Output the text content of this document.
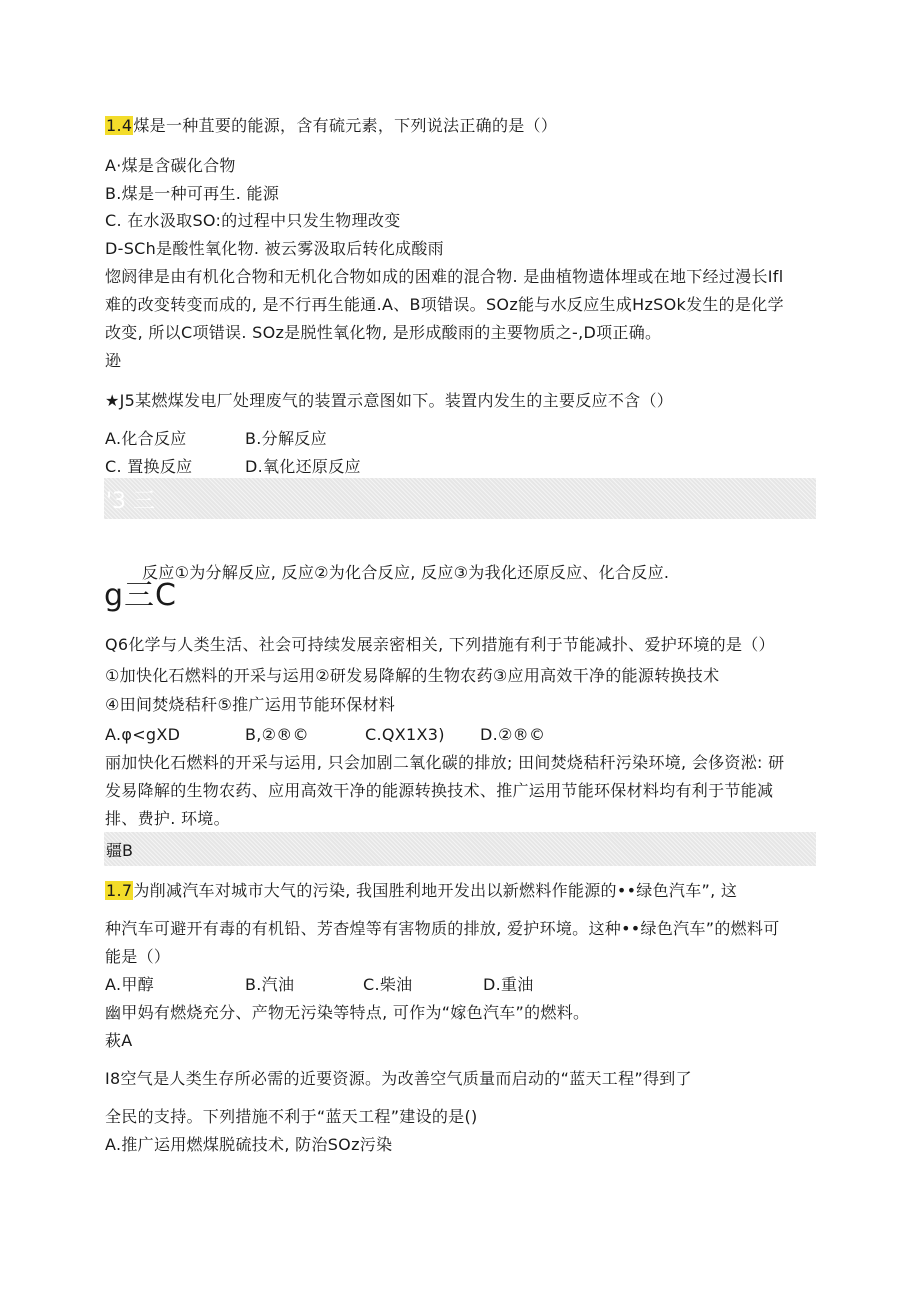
1.4煤是一种苴要的能源，含有硫元素，下列说法正确的是（）
A·煤是含碳化合物
B.煤是一种可再生. 能源
C. 在水汲取SO:的过程中只发生物理改变
D-SCh是酸性氧化物. 被云雾汲取后转化成酸雨
惚阏律是由有机化合物和无机化合物如成的困难的混合物. 是曲植物遗体埋或在地下经过漫长Ifl
难的改变转变而成的, 是不行再生能通.A、B项错误。SOz能与水反应生成HzSOk发生的是化学
改变, 所以C项错误. SOz是脱性氧化物, 是形成酸雨的主要物质之-,D项正确。
逊
★J5某燃煤发电厂处理废气的装置示意图如下。装置内发生的主要反应不含（）
A.化合反应	B.分解反应
C. 置换反应	D.氧化还原反应
'3 三
反应①为分解反应, 反应②为化合反应, 反应③为我化还原反应、化合反应.
g三C
Q6化学与人类生活、社会可持续发展亲密相关, 下列措施有利于节能减扑、爱护环境的是（）
①加快化石燃料的开采与运用②研发易降解的生物农药③应用高效干净的能源转换技术
④田间焚烧秸秆⑤推广运用节能环保材料
A.φ<gXD	B,②®©	C.QX1X3) D.②®©
丽加快化石燃料的开采与运用, 只会加剧二氧化碳的排放; 田间焚烧秸秆污染环境, 会侈资淞: 研
发易降解的生物农药、应用高效干净的能源转换技术、推广运用节能环保材料均有利于节能减
排、费护. 环境。
疆B
1.7为削减汽车对城市大气的污染, 我国胜利地开发出以新燃料作能源的••绿色汽车”, 这
种汽车可避开有毒的有机铅、芳杳煌等有害物质的排放, 爱护环境。这种••绿色汽车”的燃料可
能是（）
A.甲醇	B.汽油	C.柴油	D.重油
幽甲妈有燃烧充分、产物无污染等特点, 可作为“嫁色汽车”的燃料。
萩A
I8空气是人类生存所必需的近要资源。为改善空气质量而启动的“蓝天工程”得到了
全民的支持。下列措施不利于“蓝天工程”建设的是()
A.推广运用燃煤脱硫技术, 防治SOz污染
